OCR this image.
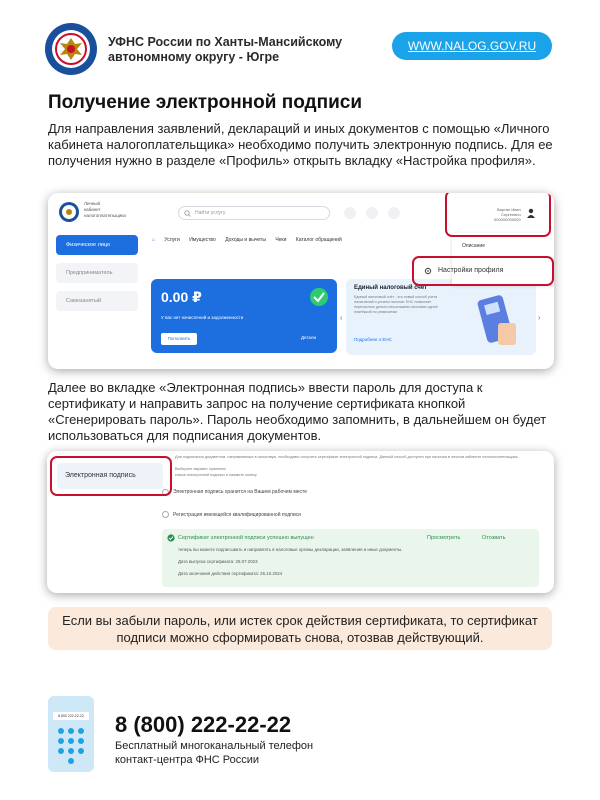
УФНС России по Ханты-Мансийскому
автономному округу - Югре
WWW.NALOG.GOV.RU
Получение электронной подписи
Для направления заявлений, деклараций и иных документов с помощью «Личного кабинета налогоплательщика» необходимо получить электронную подпись. Для ее получения нужно в разделе «Профиль» открыть вкладку «Настройка профиля».
Личный
кабинет
налогоплательщика	Найти услугу
Вартан Иван
Сергеевич
000000000000
Физическое лицо
Предприниматель
Самозанятый
⌂ Услуги Имущество Доходы и вычеты Чеки Каталог обращений
0.00 ₽
У вас нет начислений и задолженности
Пополнить	Детали
Единый налоговый счет
Единый налоговый счёт - это новый способ учета начислений и уплаты налогов. ЕНС позволяет перечислять деньги несколькими налогами одной платёжкой по реквизитам
Подробнее о ЕНС
‹	›
Описание
Настройки профиля
Далее во вкладке «Электронная подпись» ввести пароль для доступа к сертификату и направить запрос на получение сертификата кнопкой «Сгенерировать пароль». Пароль необходимо запомнить, в дальнейшем он будет использоваться для подписания документов.
Электронная подпись
Для подписания документов, направляемых в налоговую, необходимо получить сертификат электронной подписи. Данный способ доступен при наличии в личном кабинете налогоплательщика.
Выберите вариант хранения
ключа электронной подписи и нажмите кнопку
Электронная подпись хранится на Вашем рабочем месте
Регистрация имеющейся квалифицированной подписи
Сертификат электронной подписи успешно выпущен	Просмотреть	Отозвать
теперь вы можете подписывать и направлять в налоговые органы декларации, заявления и иные документы.
Дата выпуска сертификата: 26.07.2023
Дата окончания действия сертификата: 25.10.2024
Если вы забыли пароль, или истек срок действия сертификата, то сертификат подписи можно сформировать снова, отозвав действующий.
8 800 222-22-22 8 (800) 222-22-22
Бесплатный многоканальный телефон
контакт-центра ФНС России
